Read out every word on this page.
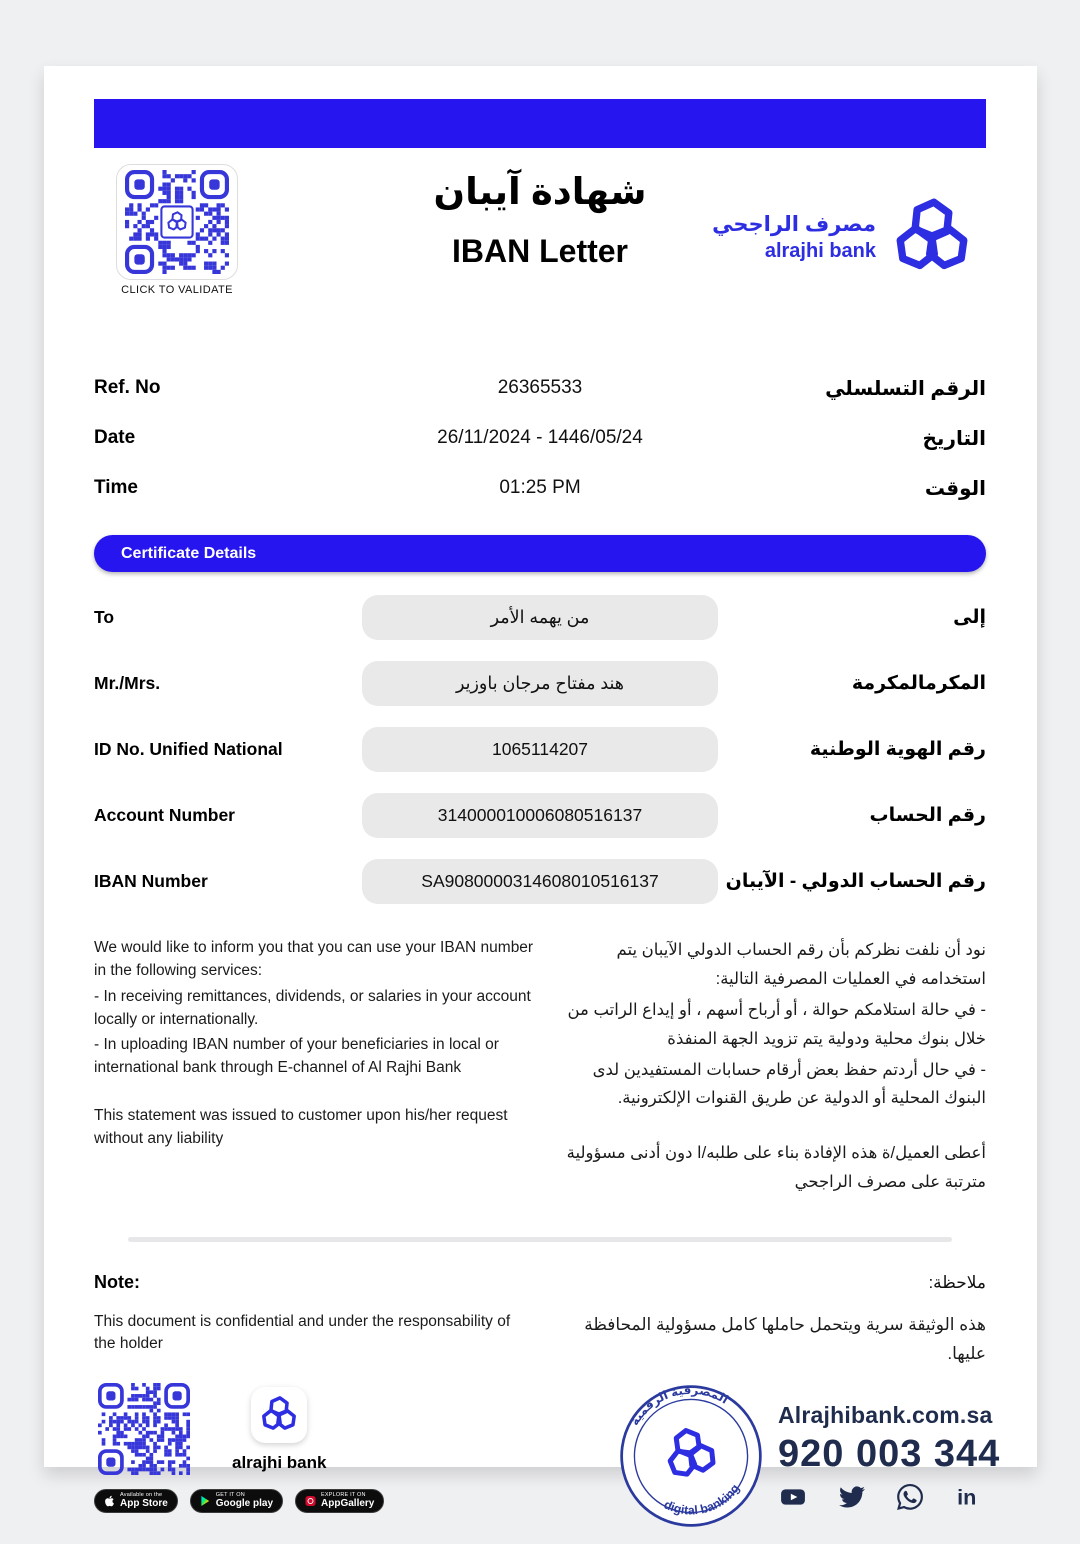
CLICK TO VALIDATE
شهادة آيبان
IBAN Letter
مصرف الراجحي
alrajhi bank
Ref. No	26365533	الرقم التسلسلي
Date	26/11/2024 - 1446/05/24	التاريخ
Time	01:25 PM	الوقت
Certificate Details
To	من يهمه الأمر	إلى
Mr./Mrs.	هند مفتاح مرجان باوزير	المكرمالمكرمة
ID No. Unified National	1065114207	رقم الهوية الوطنية
Account Number	314000010006080516137	رقم الحساب
IBAN Number	SA9080000314608010516137	رقم الحساب الدولي - الآيبان

We would like to inform you that you can use your IBAN number in the following services:

- In receiving remittances, dividends, or salaries in your account locally or internationally.

- In uploading IBAN number of your beneficiaries in local or international bank through E-channel of Al Rajhi Bank

This statement was issued to customer upon his/her request without any liability

نود أن نلفت نظركم بأن رقم الحساب الدولي الآيبان يتم استخدامه في العمليات المصرفية التالية:

- في حالة استلامكم حوالة ، أو أرباح أسهم ، أو إيداع الراتب من خلال بنوك محلية ودولية يتم تزويد الجهة المنفذة

- في حال أردتم حفظ بعض أرقام حسابات المستفيدين لدى البنوك المحلية أو الدولية عن طريق القنوات الإلكترونية.

أعطى العميل/ة هذه الإفادة بناء على طلبه/ا دون أدنى مسؤولية مترتبة على مصرف الراجحي

Note:	ملاحظة:
This document is confidential and under the responsability of the holder
هذه الوثيقة سرية ويتحمل حاملها كامل مسؤولية المحافظة عليها.
alrajhi bank
Available on the
App Store
GET IT ON
Google play
EXPLORE IT ON
AppGallery
المصرفية الرقمية
digital banking
Alrajhibank.com.sa
920 003 344
in
